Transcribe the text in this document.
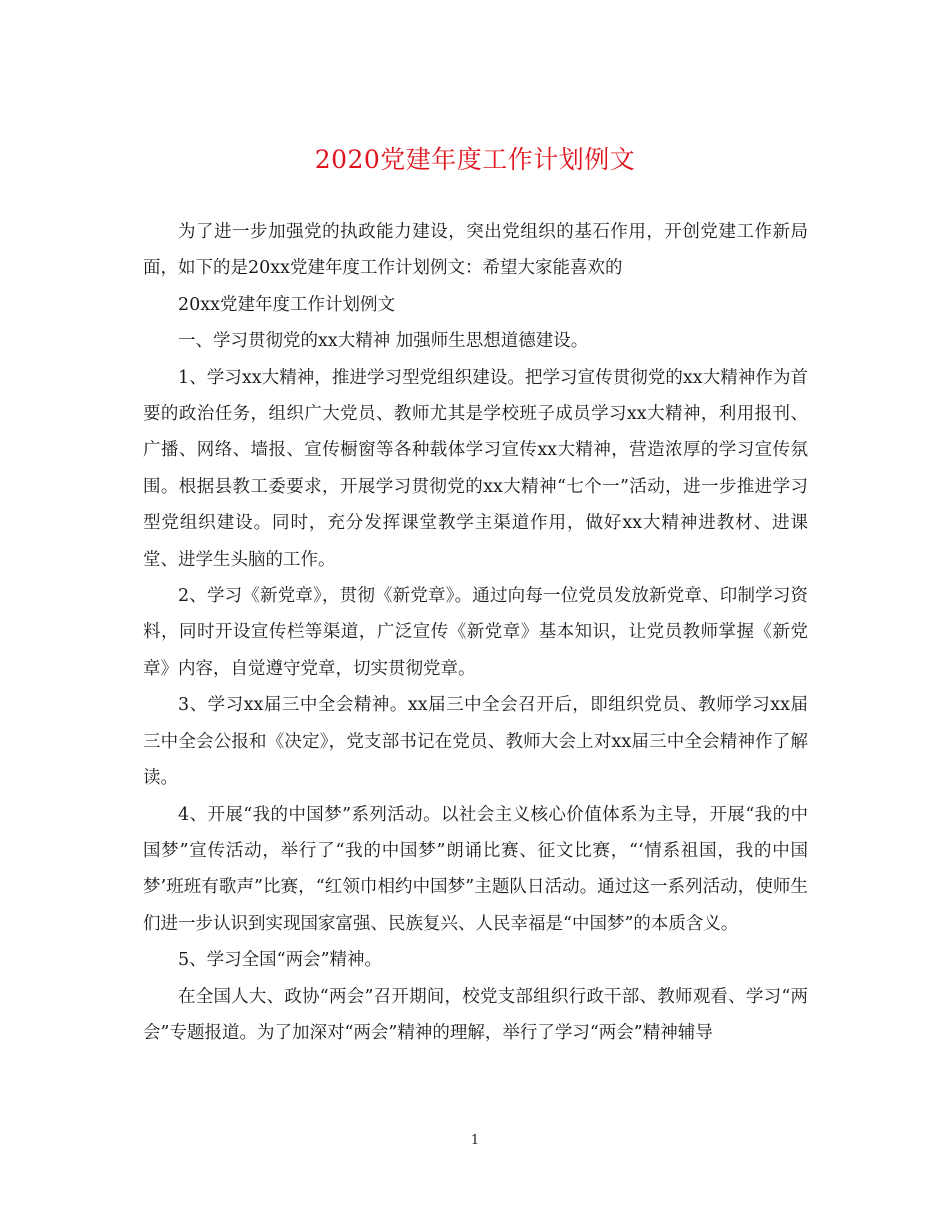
2020党建年度工作计划例文

为了进一步加强党的执政能力建设，突出党组织的基石作用，开创党建工作新局面，如下的是20xx党建年度工作计划例文：希望大家能喜欢的

20xx党建年度工作计划例文

一、学习贯彻党的xx大精神 加强师生思想道德建设。

1、学习xx大精神，推进学习型党组织建设。把学习宣传贯彻党的xx大精神作为首要的政治任务，组织广大党员、教师尤其是学校班子成员学习xx大精神，利用报刊、广播、网络、墙报、宣传橱窗等各种载体学习宣传xx大精神，营造浓厚的学习宣传氛围。根据县教工委要求，开展学习贯彻党的xx大精神“七个一”活动，进一步推进学习型党组织建设。同时，充分发挥课堂教学主渠道作用，做好xx大精神进教材、进课堂、进学生头脑的工作。

2、学习《新党章》，贯彻《新党章》。通过向每一位党员发放新党章、印制学习资料，同时开设宣传栏等渠道，广泛宣传《新党章》基本知识，让党员教师掌握《新党章》内容，自觉遵守党章，切实贯彻党章。

3、学习xx届三中全会精神。xx届三中全会召开后，即组织党员、教师学习xx届三中全会公报和《决定》，党支部书记在党员、教师大会上对xx届三中全会精神作了解读。

4、开展“我的中国梦”系列活动。以社会主义核心价值体系为主导，开展“我的中国梦”宣传活动，举行了“我的中国梦”朗诵比赛、征文比赛，“‘情系祖国，我的中国梦’班班有歌声”比赛，“红领巾相约中国梦”主题队日活动。通过这一系列活动，使师生们进一步认识到实现国家富强、民族复兴、人民幸福是“中国梦”的本质含义。

5、学习全国“两会”精神。

在全国人大、政协“两会”召开期间，校党支部组织行政干部、教师观看、学习“两会”专题报道。为了加深对“两会”精神的理解，举行了学习“两会”精神辅导

1
